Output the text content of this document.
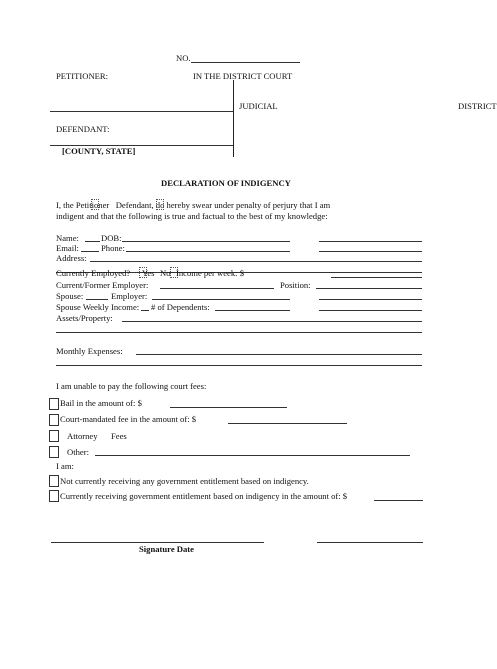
NO.
PETITIONER:	IN THE DISTRICT COURT
JUDICIAL	DISTRICT
DEFENDANT:
[COUNTY, STATE]
DECLARATION OF INDIGENCY
I, the Petitioner Defendant, do hereby swear under penalty of perjury that I am
indigent and that the following is true and factual to the best of my knowledge:
Name:	DOB:
Email:	Phone:
Address:
Currently Employed? Yes No Income per week: $
Current/Former Employer:	Position:
Spouse:	Employer:
Spouse Weekly Income: # of Dependents:
Assets/Property:
Monthly Expenses:
I am unable to pay the following court fees:
Bail in the amount of: $
Court-mandated fee in the amount of: $
Attorney Fees
Other:
I am:
Not currently receiving any government entitlement based on indigency.
Currently receiving government entitlement based on indigency in the amount of: $
Signature Date
